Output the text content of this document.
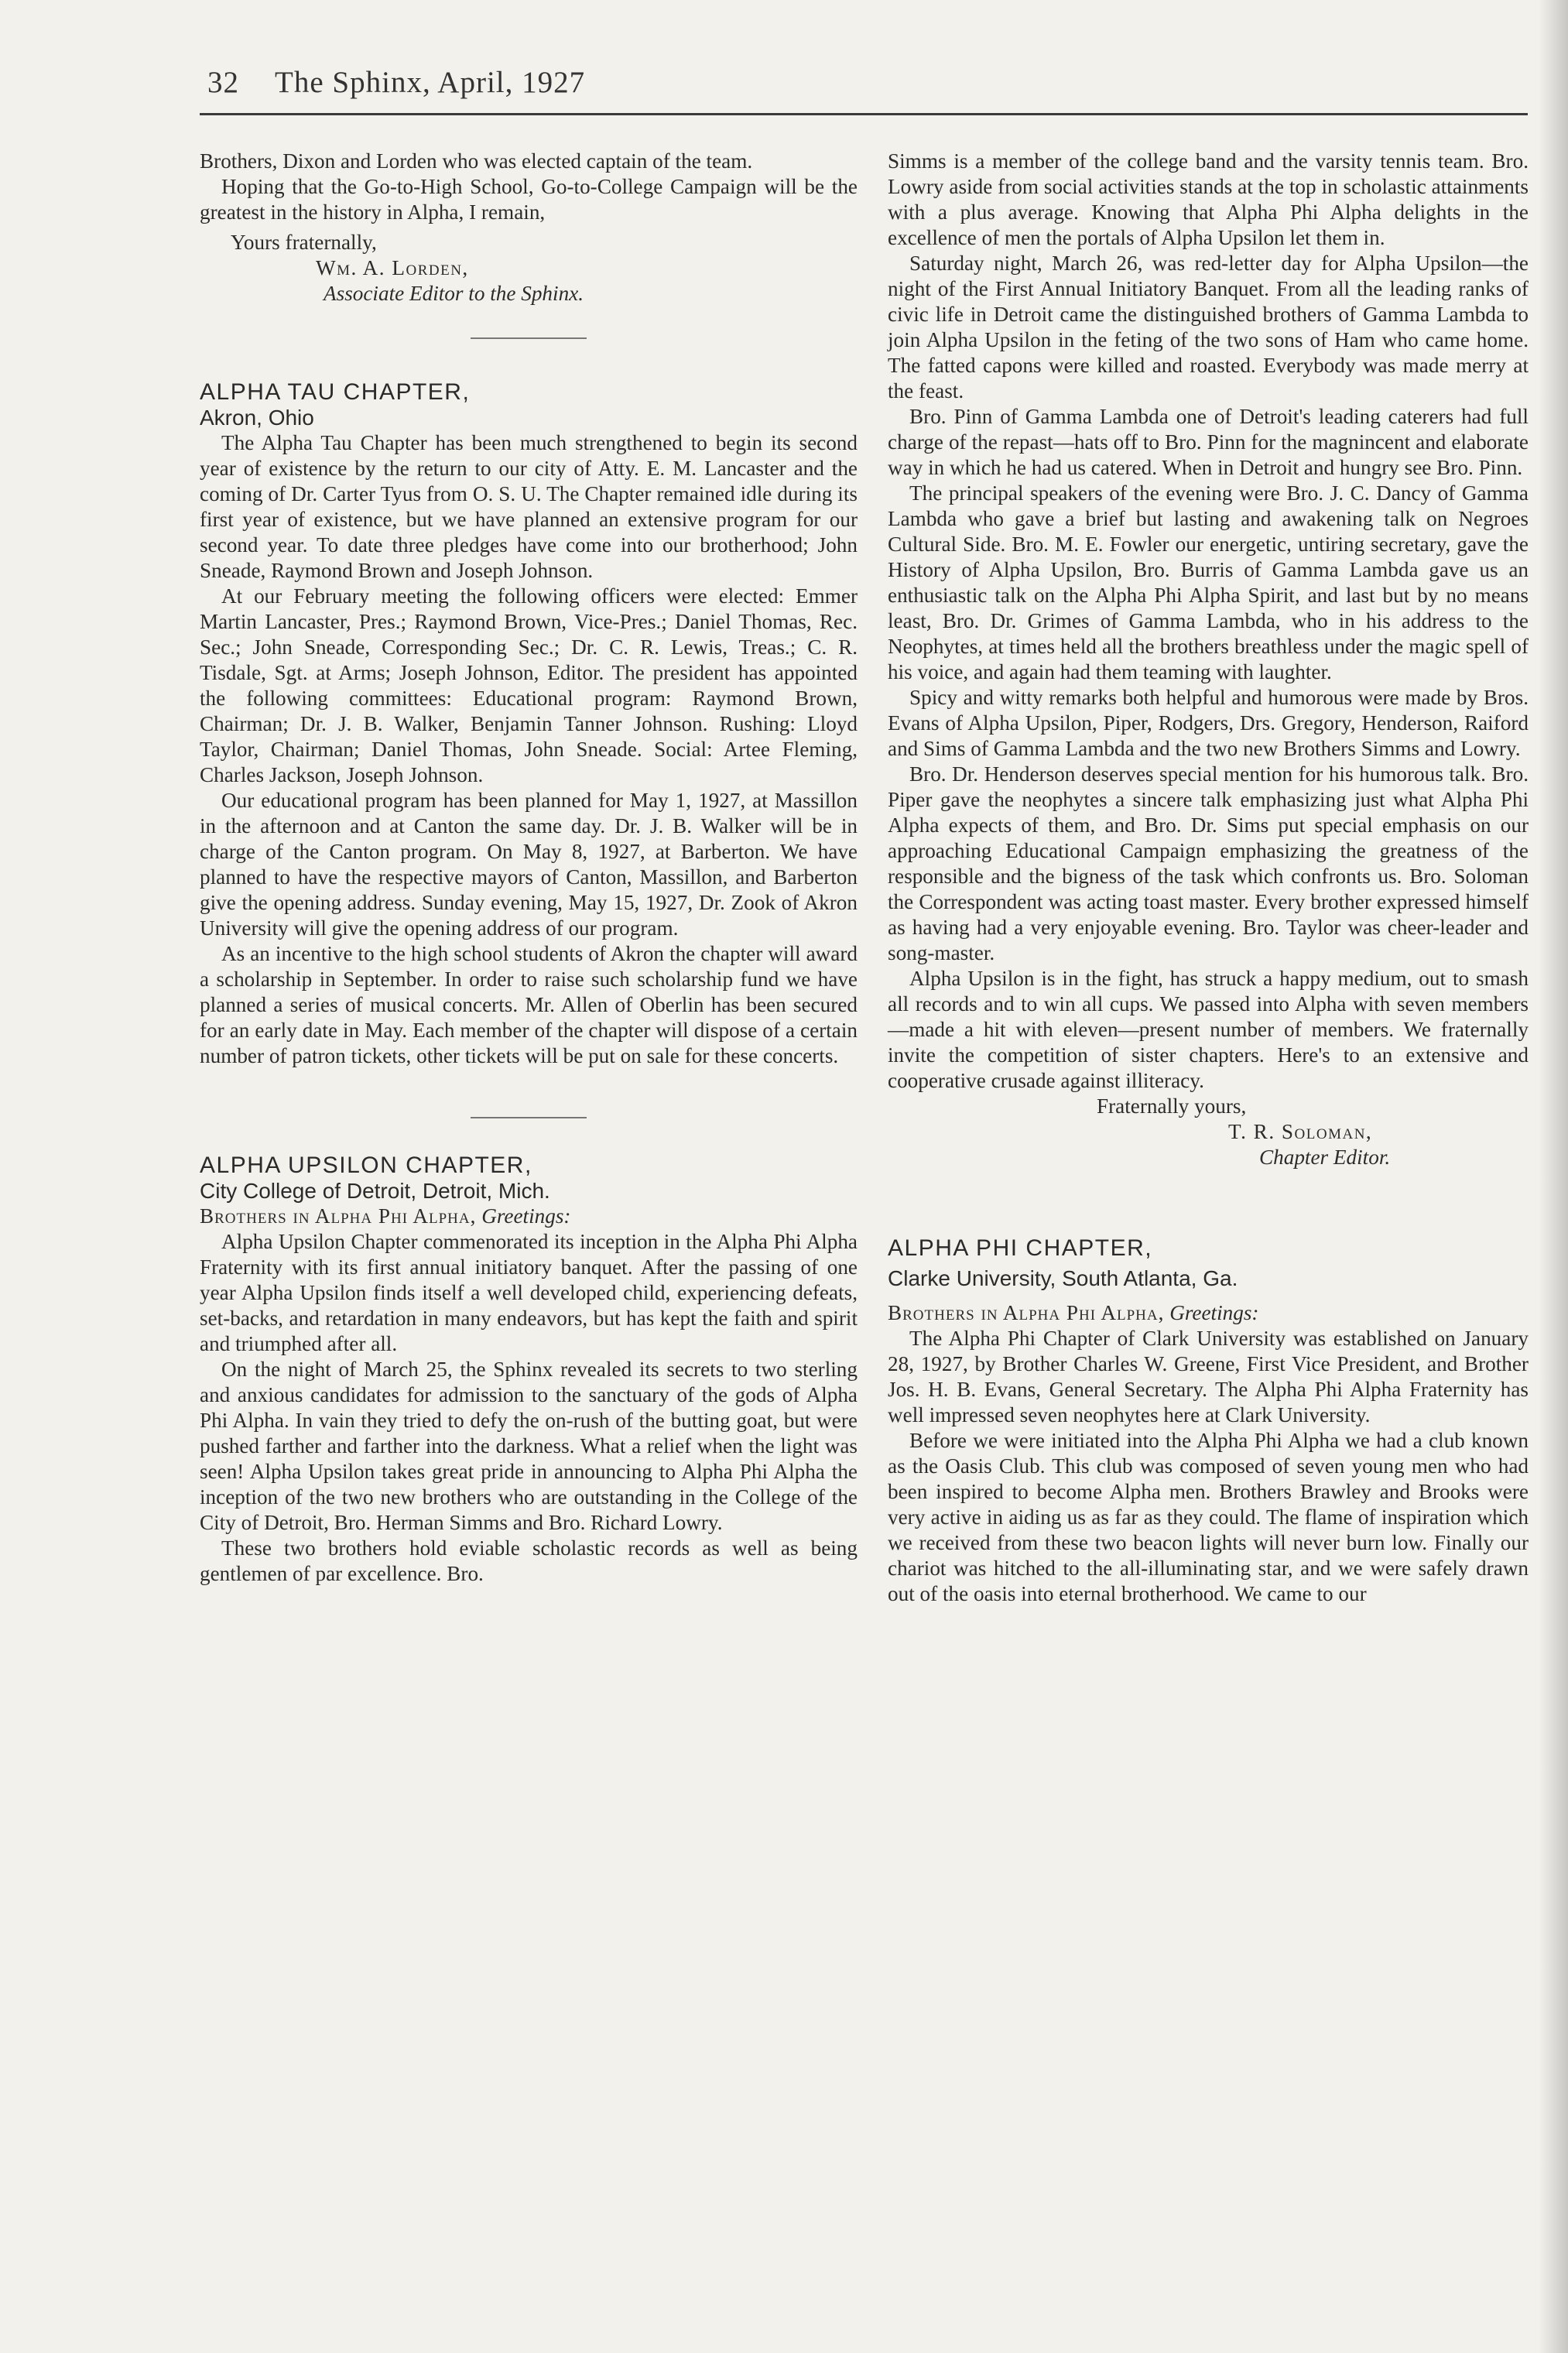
32 The Sphinx, April, 1927

Brothers, Dixon and Lorden who was elected captain of the team.

Hoping that the Go-to-High School, Go-to-College Campaign will be the greatest in the history in Alpha, I remain,

Yours fraternally,

Wm. A. Lorden,

Associate Editor to the Sphinx.

ALPHA TAU CHAPTER,

Akron, Ohio

The Alpha Tau Chapter has been much strengthened to begin its second year of existence by the return to our city of Atty. E. M. Lancaster and the coming of Dr. Carter Tyus from O. S. U. The Chapter remained idle during its first year of existence, but we have planned an extensive program for our second year. To date three pledges have come into our brotherhood; John Sneade, Raymond Brown and Joseph Johnson.

At our February meeting the following officers were elected: Emmer Martin Lancaster, Pres.; Raymond Brown, Vice-Pres.; Daniel Thomas, Rec. Sec.; John Sneade, Corresponding Sec.; Dr. C. R. Lewis, Treas.; C. R. Tisdale, Sgt. at Arms; Joseph Johnson, Editor. The president has appointed the following committees: Educational program: Raymond Brown, Chairman; Dr. J. B. Walker, Benjamin Tanner Johnson. Rushing: Lloyd Taylor, Chairman; Daniel Thomas, John Sneade. Social: Artee Fleming, Charles Jackson, Joseph Johnson.

Our educational program has been planned for May 1, 1927, at Massillon in the afternoon and at Canton the same day. Dr. J. B. Walker will be in charge of the Canton program. On May 8, 1927, at Barberton. We have planned to have the respective mayors of Canton, Massillon, and Barberton give the opening address. Sunday evening, May 15, 1927, Dr. Zook of Akron University will give the opening address of our program.

As an incentive to the high school students of Akron the chapter will award a scholarship in September. In order to raise such scholarship fund we have planned a series of musical concerts. Mr. Allen of Oberlin has been secured for an early date in May. Each member of the chapter will dispose of a certain number of patron tickets, other tickets will be put on sale for these concerts.

ALPHA UPSILON CHAPTER,

City College of Detroit, Detroit, Mich.

Brothers in Alpha Phi Alpha, Greetings:

Alpha Upsilon Chapter commenorated its inception in the Alpha Phi Alpha Fraternity with its first annual initiatory banquet. After the passing of one year Alpha Upsilon finds itself a well developed child, experiencing defeats, set-backs, and retardation in many endeavors, but has kept the faith and spirit and triumphed after all.

On the night of March 25, the Sphinx revealed its secrets to two sterling and anxious candidates for admission to the sanctuary of the gods of Alpha Phi Alpha. In vain they tried to defy the on-rush of the butting goat, but were pushed farther and farther into the darkness. What a relief when the light was seen! Alpha Upsilon takes great pride in announcing to Alpha Phi Alpha the inception of the two new brothers who are outstanding in the College of the City of Detroit, Bro. Herman Simms and Bro. Richard Lowry.

These two brothers hold eviable scholastic records as well as being gentlemen of par excellence. Bro.

Simms is a member of the college band and the varsity tennis team. Bro. Lowry aside from social activities stands at the top in scholastic attainments with a plus average. Knowing that Alpha Phi Alpha delights in the excellence of men the portals of Alpha Upsilon let them in.

Saturday night, March 26, was red-letter day for Alpha Upsilon—the night of the First Annual Initiatory Banquet. From all the leading ranks of civic life in Detroit came the distinguished brothers of Gamma Lambda to join Alpha Upsilon in the feting of the two sons of Ham who came home. The fatted capons were killed and roasted. Everybody was made merry at the feast.

Bro. Pinn of Gamma Lambda one of Detroit's leading caterers had full charge of the repast—hats off to Bro. Pinn for the magnincent and elaborate way in which he had us catered. When in Detroit and hungry see Bro. Pinn.

The principal speakers of the evening were Bro. J. C. Dancy of Gamma Lambda who gave a brief but lasting and awakening talk on Negroes Cultural Side. Bro. M. E. Fowler our energetic, untiring secretary, gave the History of Alpha Upsilon, Bro. Burris of Gamma Lambda gave us an enthusiastic talk on the Alpha Phi Alpha Spirit, and last but by no means least, Bro. Dr. Grimes of Gamma Lambda, who in his address to the Neophytes, at times held all the brothers breathless under the magic spell of his voice, and again had them teaming with laughter.

Spicy and witty remarks both helpful and humorous were made by Bros. Evans of Alpha Upsilon, Piper, Rodgers, Drs. Gregory, Henderson, Raiford and Sims of Gamma Lambda and the two new Brothers Simms and Lowry.

Bro. Dr. Henderson deserves special mention for his humorous talk. Bro. Piper gave the neophytes a sincere talk emphasizing just what Alpha Phi Alpha expects of them, and Bro. Dr. Sims put special emphasis on our approaching Educational Campaign emphasizing the greatness of the responsible and the bigness of the task which confronts us. Bro. Soloman the Correspondent was acting toast master. Every brother expressed himself as having had a very enjoyable evening. Bro. Taylor was cheer-leader and song-master.

Alpha Upsilon is in the fight, has struck a happy medium, out to smash all records and to win all cups. We passed into Alpha with seven members—made a hit with eleven—present number of members. We fraternally invite the competition of sister chapters. Here's to an extensive and cooperative crusade against illiteracy.

Fraternally yours,

T. R. Soloman,

Chapter Editor.

ALPHA PHI CHAPTER,

Clarke University, South Atlanta, Ga.

Brothers in Alpha Phi Alpha, Greetings:

The Alpha Phi Chapter of Clark University was established on January 28, 1927, by Brother Charles W. Greene, First Vice President, and Brother Jos. H. B. Evans, General Secretary. The Alpha Phi Alpha Fraternity has well impressed seven neophytes here at Clark University.

Before we were initiated into the Alpha Phi Alpha we had a club known as the Oasis Club. This club was composed of seven young men who had been inspired to become Alpha men. Brothers Brawley and Brooks were very active in aiding us as far as they could. The flame of inspiration which we received from these two beacon lights will never burn low. Finally our chariot was hitched to the all-illuminating star, and we were safely drawn out of the oasis into eternal brotherhood. We came to our
